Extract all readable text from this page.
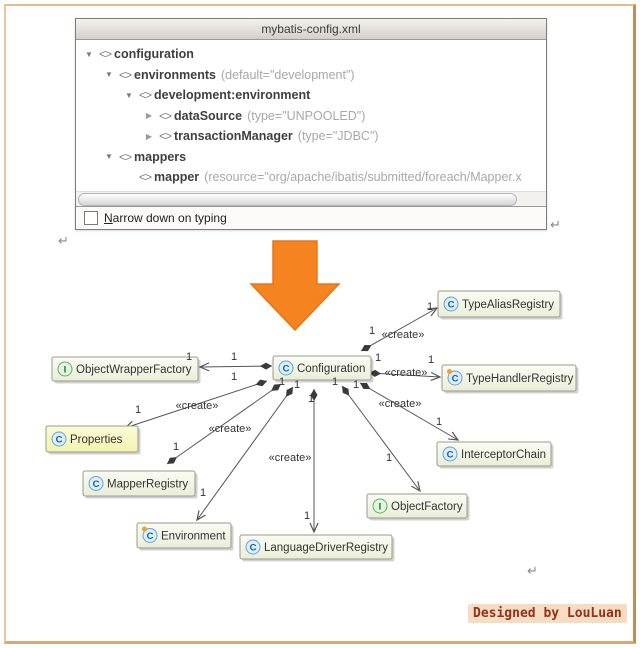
C Configuration
C TypeAliasRegistry
C TypeHandlerRegistry
C InterceptorChain
I ObjectFactory
C LanguageDriverRegistry
C Environment
C MapperRegistry
C Properties
I ObjectWrapperFactory
1 «create»
1
1
1	1
«create»
1
1
«create»
1
«create»
1
1
1
«create»
1
1
«create»
1
1 1	1 1
mybatis-config.xml
▼ <> configuration
▼ <> environments (default="development")
▼ <> development:environment
▶ <> dataSource (type="UNPOOLED")
▶ <> transactionManager (type="JDBC")
▼ <> mappers
<> mapper (resource="org/apache/ibatis/submitted/foreach/Mapper.x
Narrow down on typing
↵
↵
↵
Designed by LouLuan
